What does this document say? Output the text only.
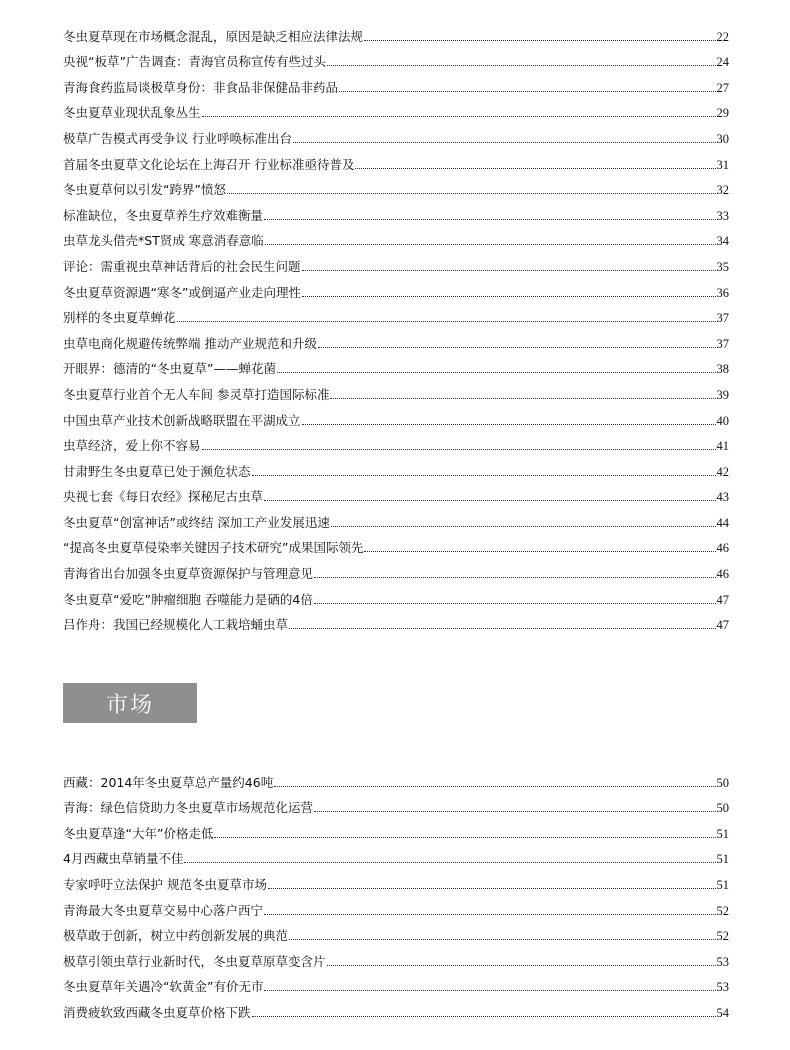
冬虫夏草现在市场概念混乱，原因是缺乏相应法律法规	22
央视“板草”广告调查：青海官员称宣传有些过头	24
青海食药监局谈极草身份：非食品非保健品非药品	27
冬虫夏草业现状乱象丛生	29
极草广告模式再受争议 行业呼唤标准出台	30
首届冬虫夏草文化论坛在上海召开 行业标准亟待普及	31
冬虫夏草何以引发“跨界”愤怒	32
标准缺位，冬虫夏草养生疗效难衡量	33
虫草龙头借壳*ST贤成 寒意消春意临	34
评论：需重视虫草神话背后的社会民生问题	35
冬虫夏草资源遇“寒冬”或倒逼产业走向理性	36
别样的冬虫夏草蝉花	37
虫草电商化规避传统弊端 推动产业规范和升级	37
开眼界：德清的“冬虫夏草”——蝉花菌	38
冬虫夏草行业首个无人车间 参灵草打造国际标准	39
中国虫草产业技术创新战略联盟在平湖成立	40
虫草经济，爱上你不容易	41
甘肃野生冬虫夏草已处于濒危状态	42
央视七套《每日农经》探秘尼古虫草	43
冬虫夏草“创富神话”或终结 深加工产业发展迅速	44
“提高冬虫夏草侵染率关键因子技术研究”成果国际领先	46
青海省出台加强冬虫夏草资源保护与管理意见	46
冬虫夏草“爱吃”肿瘤细胞 吞噬能力是硒的4倍	47
吕作舟：我国已经规模化人工栽培蛹虫草	47
市场
西藏：2014年冬虫夏草总产量约46吨	50
青海：绿色信贷助力冬虫夏草市场规范化运营	50
冬虫夏草逢“大年”价格走低	51
4月西藏虫草销量不佳	51
专家呼吁立法保护 规范冬虫夏草市场	51
青海最大冬虫夏草交易中心落户西宁	52
极草敢于创新，树立中药创新发展的典范	52
极草引领虫草行业新时代，冬虫夏草原草变含片	53
冬虫夏草年关遇冷“软黄金”有价无市	53
消费疲软致西藏冬虫夏草价格下跌	54
